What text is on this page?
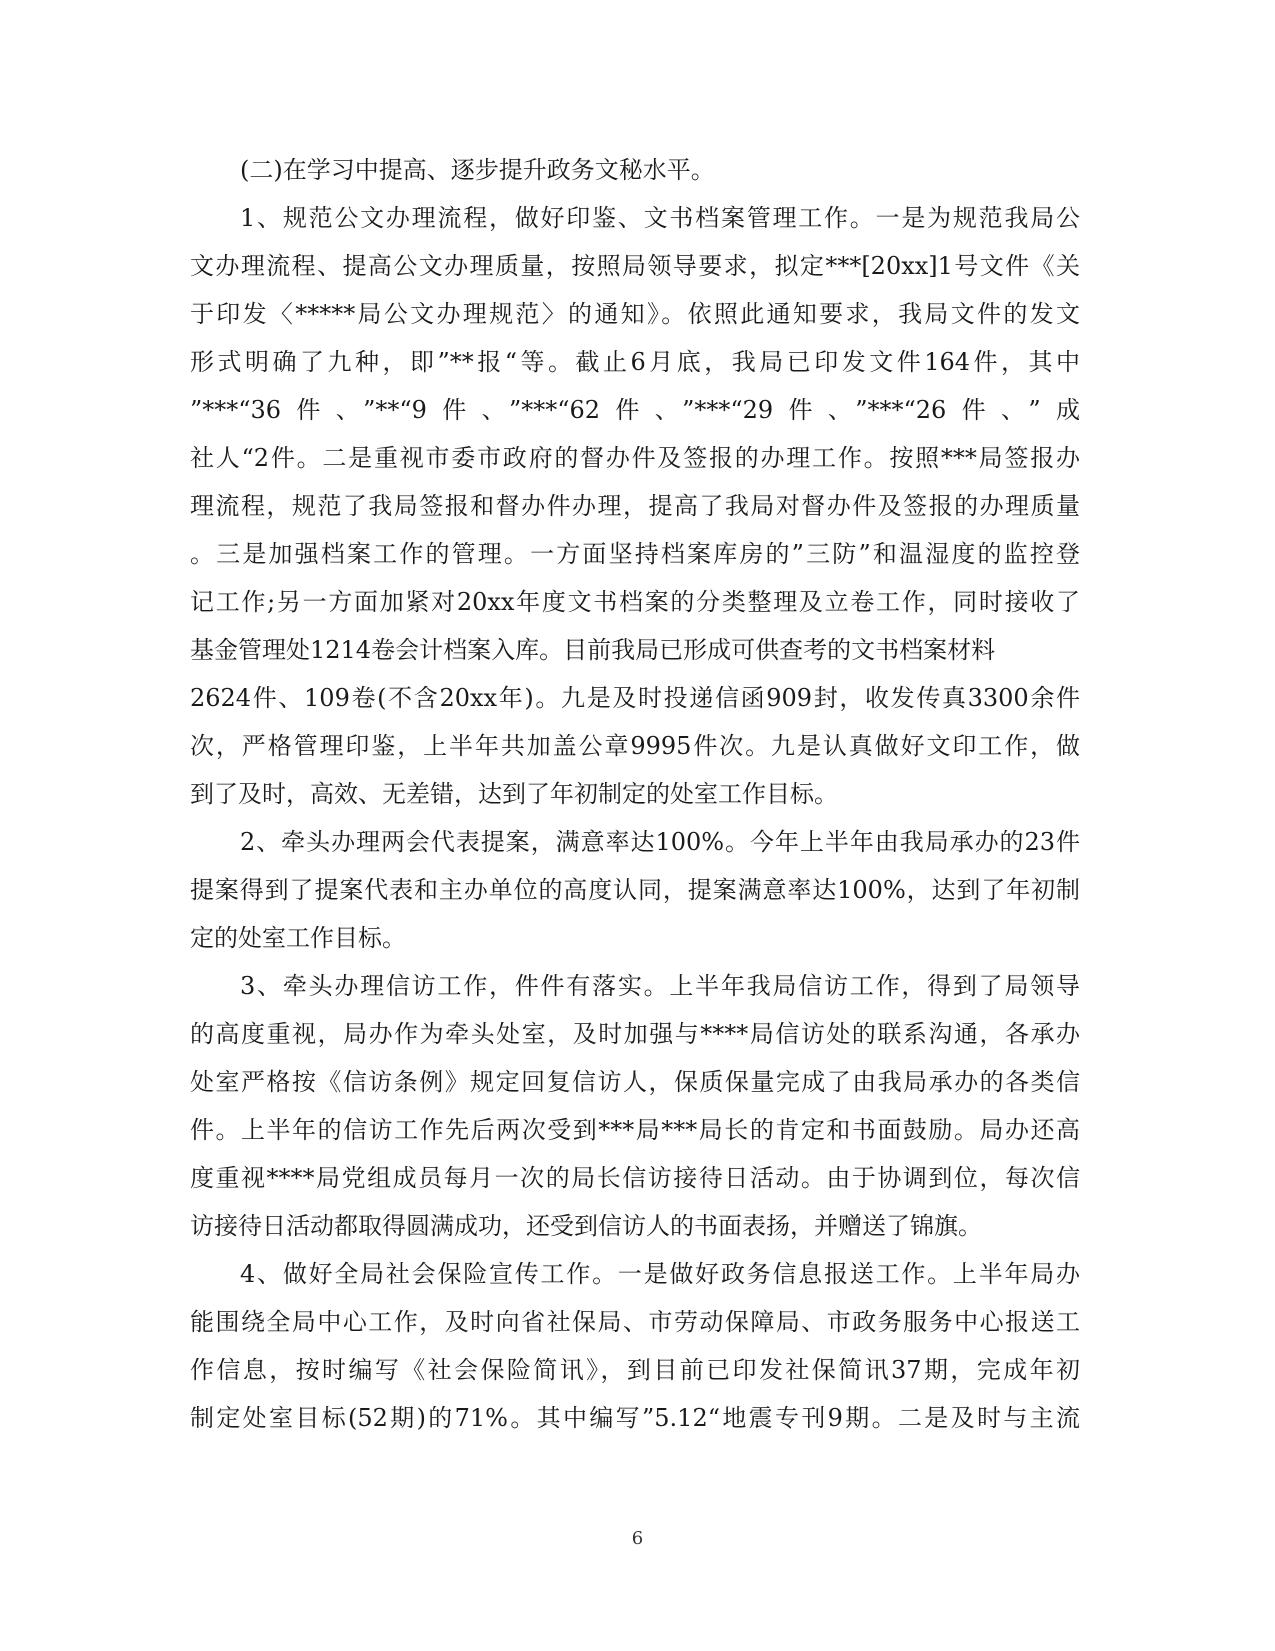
(二)在学习中提高、逐步提升政务文秘水平。

1、规范公文办理流程，做好印鉴、文书档案管理工作。一是为规范我局公

文办理流程、提高公文办理质量，按照局领导要求，拟定***[20xx]1号文件《关

于印发〈*****局公文办理规范〉的通知》。依照此通知要求，我局文件的发文

形式明确了九种，即”**报“等。截止6月底，我局已印发文件164件，其中

”***“36件、”**“9件、”***“62件、”***“29件、”***“26件、”成

社人“2件。二是重视市委市政府的督办件及签报的办理工作。按照***局签报办

理流程，规范了我局签报和督办件办理，提高了我局对督办件及签报的办理质量

。三是加强档案工作的管理。一方面坚持档案库房的”三防”和温湿度的监控登

记工作;另一方面加紧对20xx年度文书档案的分类整理及立卷工作，同时接收了

基金管理处1214卷会计档案入库。目前我局已形成可供查考的文书档案材料

2624件、109卷(不含20xx年)。九是及时投递信函909封，收发传真3300余件

次，严格管理印鉴，上半年共加盖公章9995件次。九是认真做好文印工作，做

到了及时，高效、无差错，达到了年初制定的处室工作目标。

2、牵头办理两会代表提案，满意率达100%。今年上半年由我局承办的23件

提案得到了提案代表和主办单位的高度认同，提案满意率达100%，达到了年初制

定的处室工作目标。

3、牵头办理信访工作，件件有落实。上半年我局信访工作，得到了局领导

的高度重视，局办作为牵头处室，及时加强与****局信访处的联系沟通，各承办

处室严格按《信访条例》规定回复信访人，保质保量完成了由我局承办的各类信

件。上半年的信访工作先后两次受到***局***局长的肯定和书面鼓励。局办还高

度重视****局党组成员每月一次的局长信访接待日活动。由于协调到位，每次信

访接待日活动都取得圆满成功，还受到信访人的书面表扬，并赠送了锦旗。

4、做好全局社会保险宣传工作。一是做好政务信息报送工作。上半年局办

能围绕全局中心工作，及时向省社保局、市劳动保障局、市政务服务中心报送工

作信息，按时编写《社会保险简讯》，到目前已印发社保简讯37期，完成年初

制定处室目标(52期)的71%。其中编写”5.12“地震专刊9期。二是及时与主流

6
